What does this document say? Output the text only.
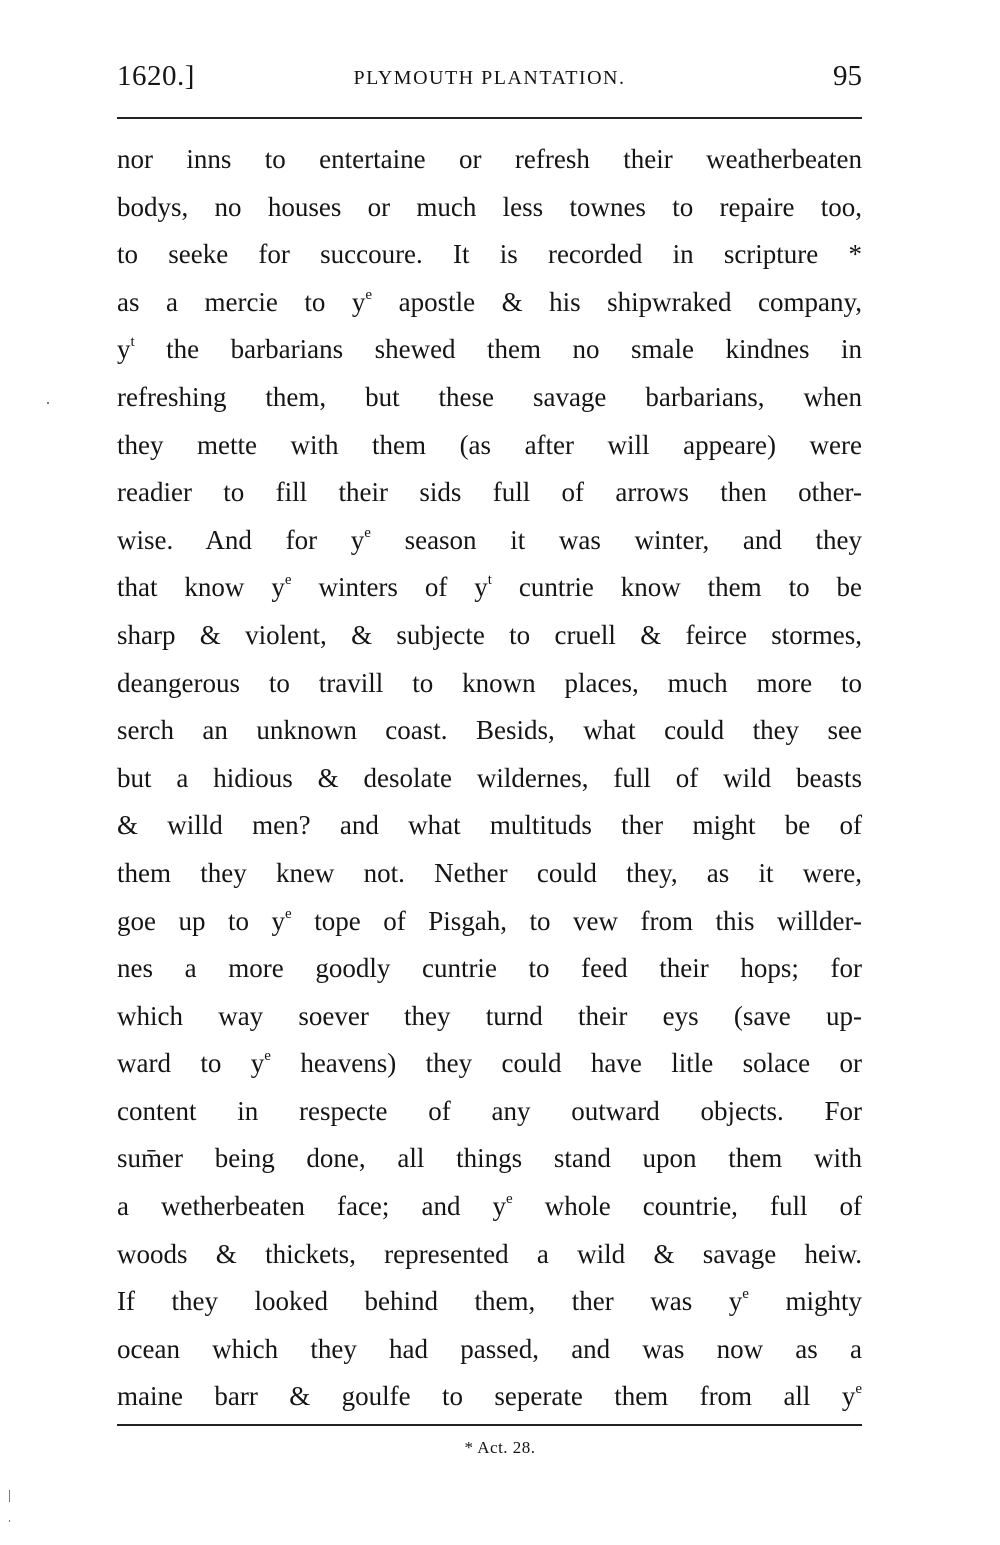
1620.]	PLYMOUTH PLANTATION.	95
nor inns to entertaine or refresh their weatherbeaten
bodys, no houses or much less townes to repaire too,
to seeke for succoure. It is recorded in scripture *
as a mercie to $y^e$ apostle & his shipwraked company,
$y^t$ the barbarians shewed them no smale kindnes in
refreshing them, but these savage barbarians, when
they mette with them (as after will appeare) were
readier to fill their sids full of arrows then other-
wise. And for $y^e$ season it was winter, and they
that know $y^e$ winters of $y^t$ cuntrie know them to be
sharp & violent, & subjecte to cruell & feirce stormes,
deangerous to travill to known places, much more to
serch an unknown coast. Besids, what could they see
but a hidious & desolate wildernes, full of wild beasts
& willd men? and what multituds ther might be of
them they knew not. Nether could they, as it were,
goe up to $y^e$ tope of Pisgah, to vew from this willder-
nes a more goodly cuntrie to feed their hops; for
which way soever they turnd their eys (save up-
ward to $y^e$ heavens) they could have litle solace or
content in respecte of any outward objects. For
sum̄er being done, all things stand upon them with
a wetherbeaten face; and $y^e$ whole countrie, full of
woods & thickets, represented a wild & savage heiw.
If they looked behind them, ther was $y^e$ mighty
ocean which they had passed, and was now as a
maine barr & goulfe to seperate them from all $y^e$
* Act. 28.
